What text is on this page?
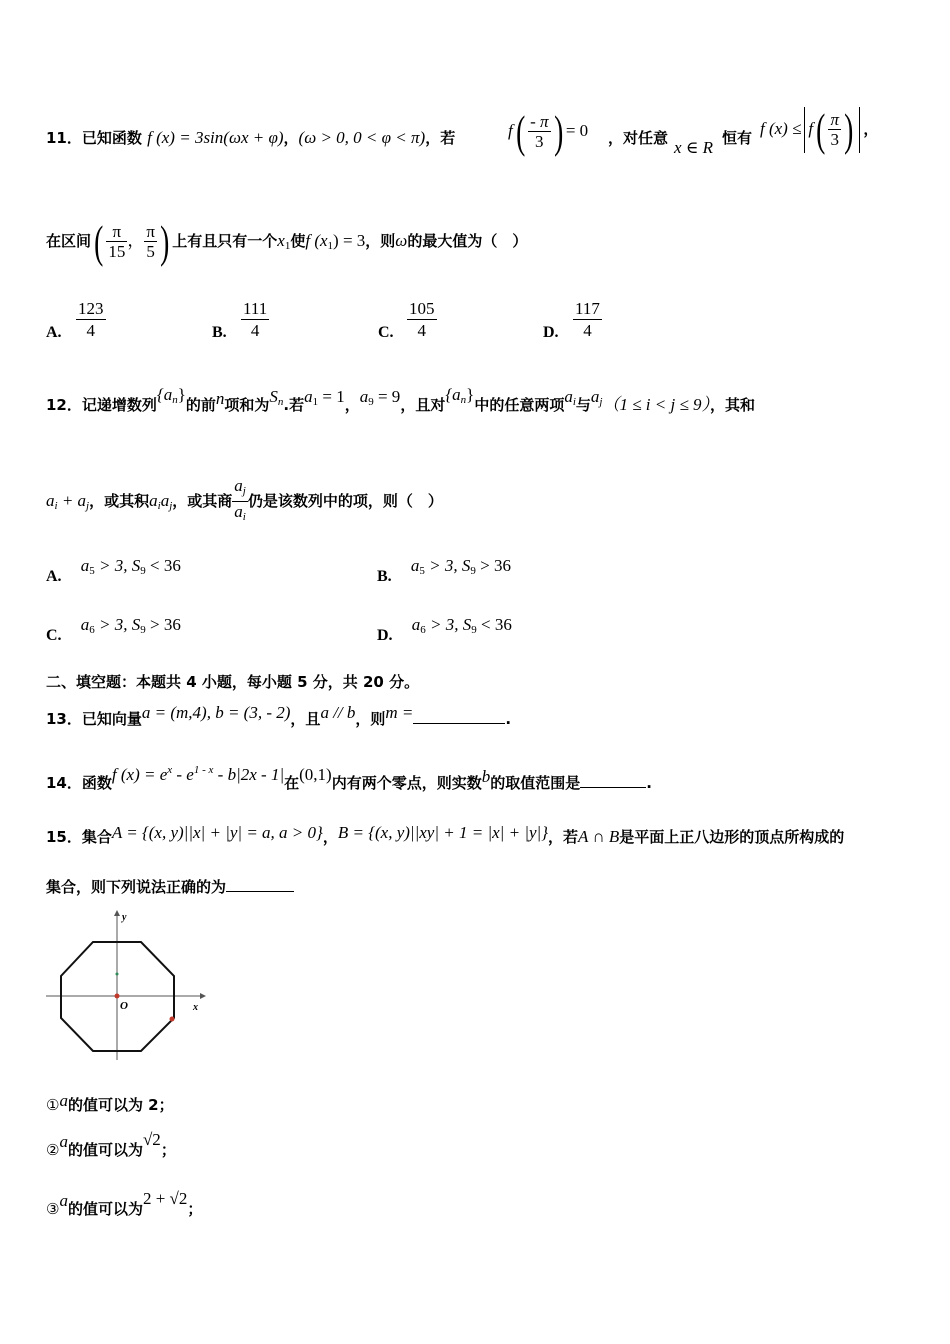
11．已知函数 f (x) = 3sin(ωx + φ)，(ω > 0, 0 < φ < π)，若	$f( \frac{- \pi}{3}$ ) = 0 ，对任意 x ∈ R 恒有 f $(x) \le f( \frac{\pi}{3}$ ) ，
在区间( $\frac{\pi}{15}$ ， $\frac{\pi}{5}$ ) 上有且只有一个$x_1$使f $(x_1) = 3$，则ω的最大值为（　）
A. $\frac{123}{4}$	B. $\frac{111}{4}$	C. $\frac{105}{4}$	D. $\frac{117}{4}$
12．记递增数列$\{a_n\}$的前n项和为$S^n$.若$a_1 = 1$，$a_9 = 9$，且对$\{a_n\}$中的任意两项$a^i$与$a^j(1 \le i < j \le 9)$，其和
$a_i + a_j$，或其积$a_ia_j$，或其商 $\frac{a_j}{a_i}$ 仍是该数列中的项，则（　）
A. $a_5 > 3$, $S_9 < 36$
B. $a_5 > 3$, $S_9 > 36$
C. $a_6 > 3$, $S_9 > 36$
D. $a_6 > 3$, $S_9 < 36$
二、填空题：本题共 4 小题，每小题 5 分，共 20 分。
13．已知向量a = (m,4), b = (3, - 2)，且a // b，则m =	.
14．函数f $(x) = e^x - e^{1 - x} - b|2x - 1|$在(0,1)内有两个零点，则实数b的取值范围是	.
15．集合A = {(x, y)||x| + |y| = a, a > 0}，B = {(x, y)||xy| + 1 = |x| + |y|}，若A ∩ B是平面上正八边形的顶点所构成的
集合，则下列说法正确的为
y
x
O
①a的值可以为 2；
②a的值可以为√2；
③a的值可以为2 + √2；
